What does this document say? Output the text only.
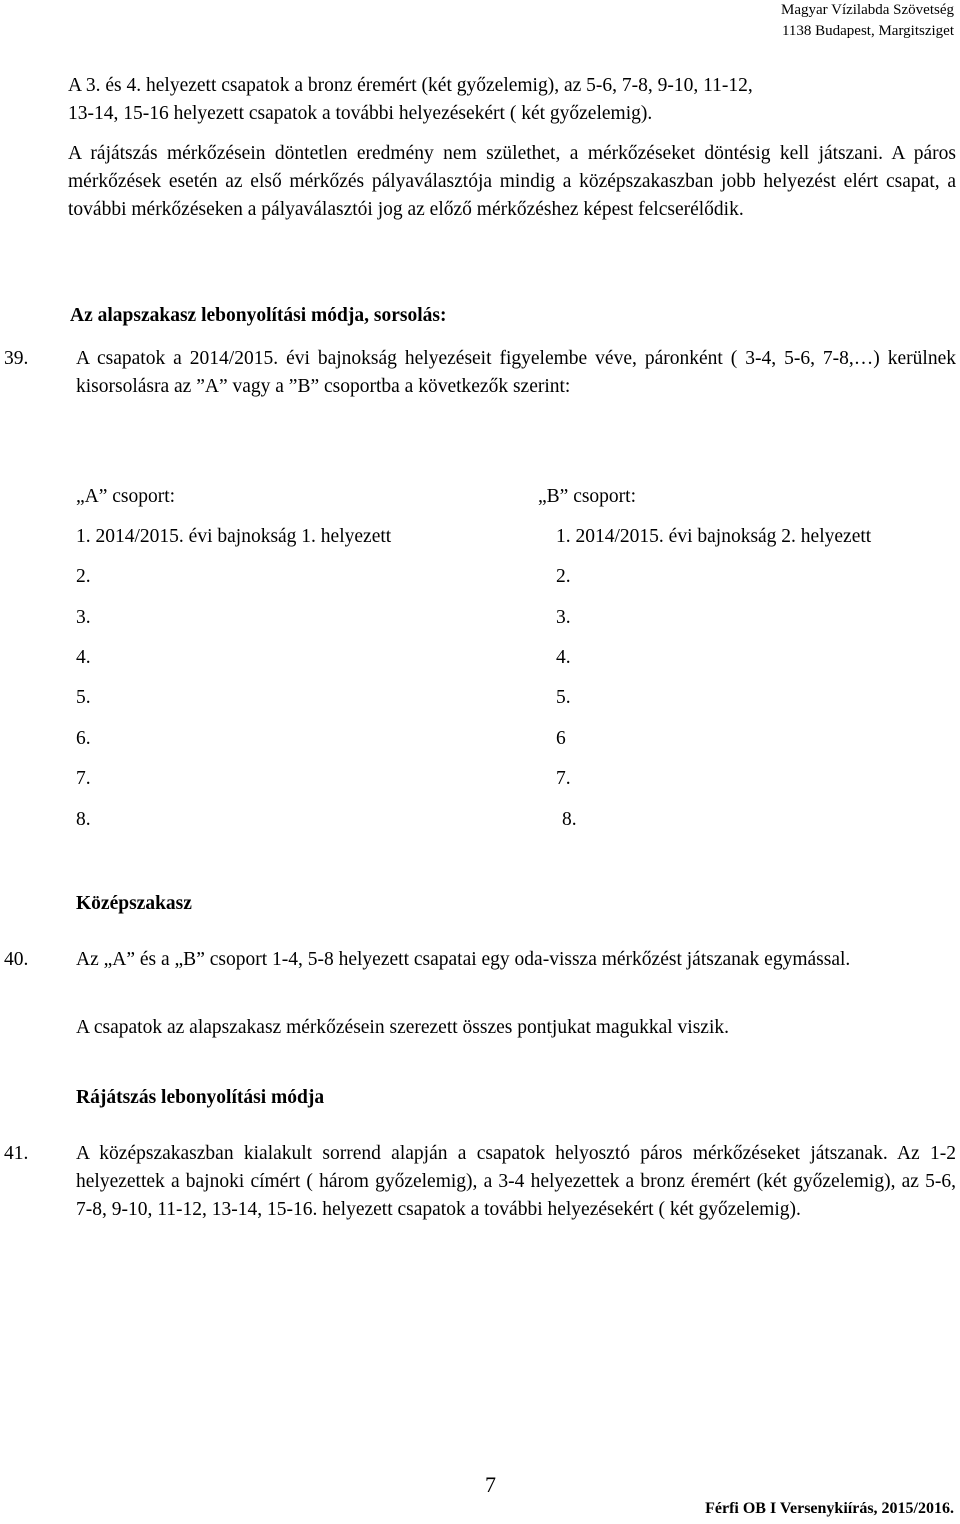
Magyar Vízilabda Szövetség
1138 Budapest, Margitsziget
A 3. és 4. helyezett csapatok a bronz éremért (két győzelemig), az 5-6, 7-8, 9-10, 11-12,
13-14, 15-16 helyezett csapatok a további helyezésekért ( két győzelemig).
A rájátszás mérkőzésein döntetlen eredmény nem születhet, a mérkőzéseket döntésig kell játszani. A páros mérkőzések esetén az első mérkőzés pályaválasztója mindig a középszakaszban jobb helyezést elért csapat, a további mérkőzéseken a pályaválasztói jog az előző mérkőzéshez képest felcserélődik.
Az alapszakasz lebonyolítási módja, sorsolás:
39. A csapatok a 2014/2015. évi bajnokság helyezéseit figyelembe véve, páronként ( 3-4, 5-6, 7-8,…) kerülnek kisorsolásra az ”A” vagy a ”B” csoportba a következők szerint:
„A” csoport:
1. 2014/2015. évi bajnokság 1. helyezett
2.
3.
4.
5.
6.
7.
8.
„B” csoport:
1. 2014/2015. évi bajnokság 2. helyezett
2.
3.
4.
5.
6
7.
8.
Középszakasz
40. Az „A” és a „B” csoport 1-4, 5-8 helyezett csapatai egy oda-vissza mérkőzést játszanak egymással.
A csapatok az alapszakasz mérkőzésein szerezett összes pontjukat magukkal viszik.
Rájátszás lebonyolítási módja
41. A középszakaszban kialakult sorrend alapján a csapatok helyosztó páros mérkőzéseket játszanak. Az 1-2 helyezettek a bajnoki címért ( három győzelemig), a 3-4 helyezettek a bronz éremért (két győzelemig), az 5-6, 7-8, 9-10, 11-12, 13-14, 15-16. helyezett csapatok a további helyezésekért ( két győzelemig).
7
Férfi OB I Versenykiírás, 2015/2016.
